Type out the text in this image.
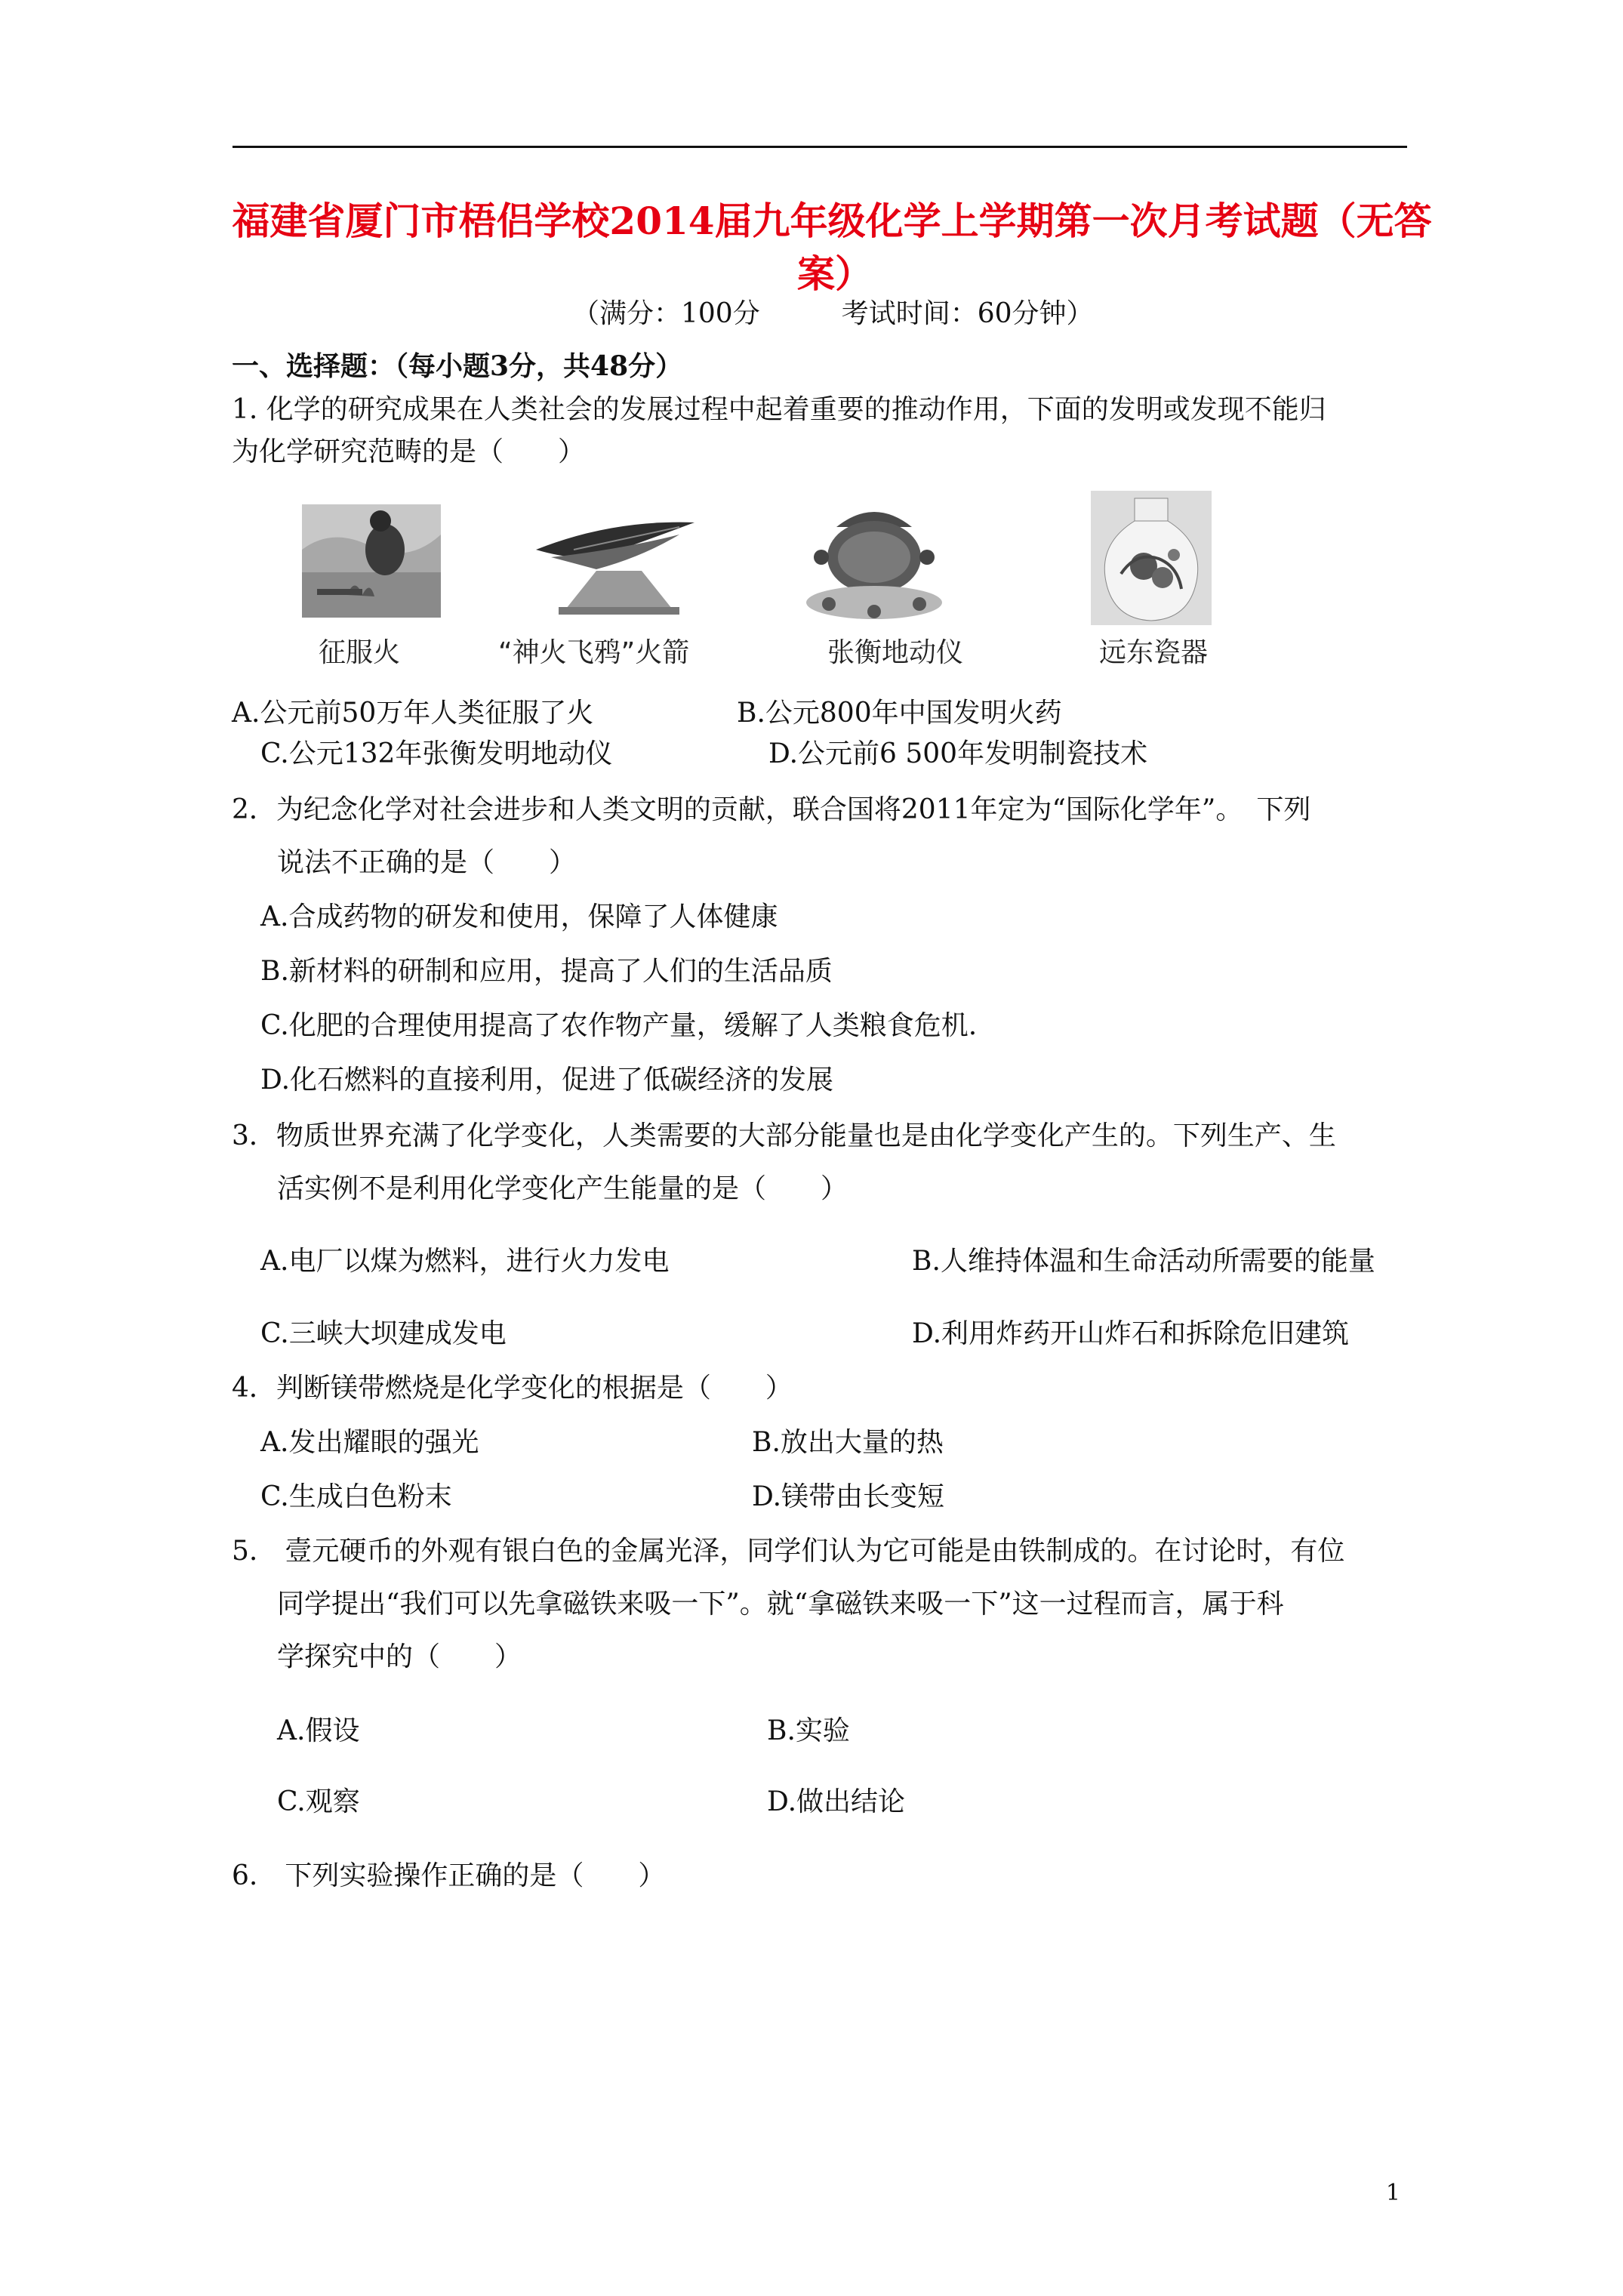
福建省厦门市梧侣学校2014届九年级化学上学期第一次月考试题（无答
案）
（满分：100分　　　考试时间：60分钟）
一、选择题：（每小题3分，共48分）
1. 化学的研究成果在人类社会的发展过程中起着重要的推动作用，下面的发明或发现不能归
为化学研究范畴的是（　　）
征服火	“神火飞鸦”火箭	张衡地动仪	远东瓷器
A.公元前50万年人类征服了火	B.公元800年中国发明火药
C.公元132年张衡发明地动仪	D.公元前6 500年发明制瓷技术
2．为纪念化学对社会进步和人类文明的贡献，联合国将2011年定为“国际化学年”。　下列
说法不正确的是（　　）
A.合成药物的研发和使用，保障了人体健康
B.新材料的研制和应用，提高了人们的生活品质
C.化肥的合理使用提高了农作物产量，缓解了人类粮食危机.
D.化石燃料的直接利用，促进了低碳经济的发展
3．物质世界充满了化学变化，人类需要的大部分能量也是由化学变化产生的。下列生产、生
活实例不是利用化学变化产生能量的是（　　）
A.电厂以煤为燃料，进行火力发电	B.人维持体温和生命活动所需要的能量
C.三峡大坝建成发电	D.利用炸药开山炸石和拆除危旧建筑
4．判断镁带燃烧是化学变化的根据是（　　）
A.发出耀眼的强光	B.放出大量的热
C.生成白色粉末	D.镁带由长变短
5.　壹元硬币的外观有银白色的金属光泽，同学们认为它可能是由铁制成的。在讨论时，有位
同学提出“我们可以先拿磁铁来吸一下”。就“拿磁铁来吸一下”这一过程而言，属于科
学探究中的（　　）
A.假设	B.实验
C.观察	D.做出结论
6.　下列实验操作正确的是（　　）
1
